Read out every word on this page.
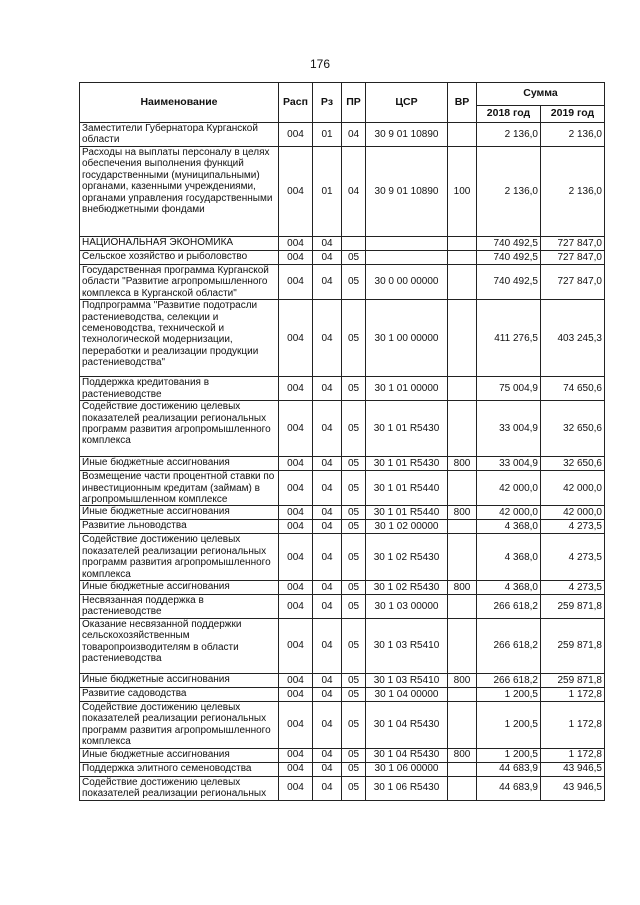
176
Наименование	Расп	Рз	ПР	ЦСР	ВР	Сумма	
						2018 год	2019 год
Заместители Губернатора Курганской области	004	01	04	30 9 01 10890		2 136,0	2 136,0
Расходы на выплаты персоналу в целях обеспечения выполнения функций государственными (муниципальными) органами, казенными учреждениями, органами управления государственными внебюджетными фондами	004	01	04	30 9 01 10890	100	2 136,0	2 136,0
НАЦИОНАЛЬНАЯ ЭКОНОМИКА	004	04				740 492,5	727 847,0
Сельское хозяйство и рыболовство	004	04	05			740 492,5	727 847,0
Государственная программа Курганской области "Развитие агропромышленного комплекса в Курганской области"	004	04	05	30 0 00 00000		740 492,5	727 847,0
Подпрограмма "Развитие подотрасли растениеводства, селекции и семеноводства, технической и технологической модернизации, переработки и реализации продукции растениеводства"	004	04	05	30 1 00 00000		411 276,5	403 245,3
Поддержка кредитования в растениеводстве	004	04	05	30 1 01 00000		75 004,9	74 650,6
Содействие достижению целевых показателей реализации региональных программ развития агропромышленного комплекса	004	04	05	30 1 01 R5430		33 004,9	32 650,6
Иные бюджетные ассигнования	004	04	05	30 1 01 R5430	800	33 004,9	32 650,6
Возмещение части процентной ставки по инвестиционным кредитам (займам) в агропромышленном комплексе	004	04	05	30 1 01 R5440		42 000,0	42 000,0
Иные бюджетные ассигнования	004	04	05	30 1 01 R5440	800	42 000,0	42 000,0
Развитие льноводства	004	04	05	30 1 02 00000		4 368,0	4 273,5
Содействие достижению целевых показателей реализации региональных программ развития агропромышленного комплекса	004	04	05	30 1 02 R5430		4 368,0	4 273,5
Иные бюджетные ассигнования	004	04	05	30 1 02 R5430	800	4 368,0	4 273,5
Несвязанная поддержка в растениеводстве	004	04	05	30 1 03 00000		266 618,2	259 871,8
Оказание несвязанной поддержки сельскохозяйственным товаропроизводителям в области растениеводства	004	04	05	30 1 03 R5410		266 618,2	259 871,8
Иные бюджетные ассигнования	004	04	05	30 1 03 R5410	800	266 618,2	259 871,8
Развитие садоводства	004	04	05	30 1 04 00000		1 200,5	1 172,8
Содействие достижению целевых показателей реализации региональных программ развития агропромышленного комплекса	004	04	05	30 1 04 R5430		1 200,5	1 172,8
Иные бюджетные ассигнования	004	04	05	30 1 04 R5430	800	1 200,5	1 172,8
Поддержка элитного семеноводства	004	04	05	30 1 06 00000		44 683,9	43 946,5
Содействие достижению целевых показателей реализации региональных	004	04	05	30 1 06 R5430		44 683,9	43 946,5
